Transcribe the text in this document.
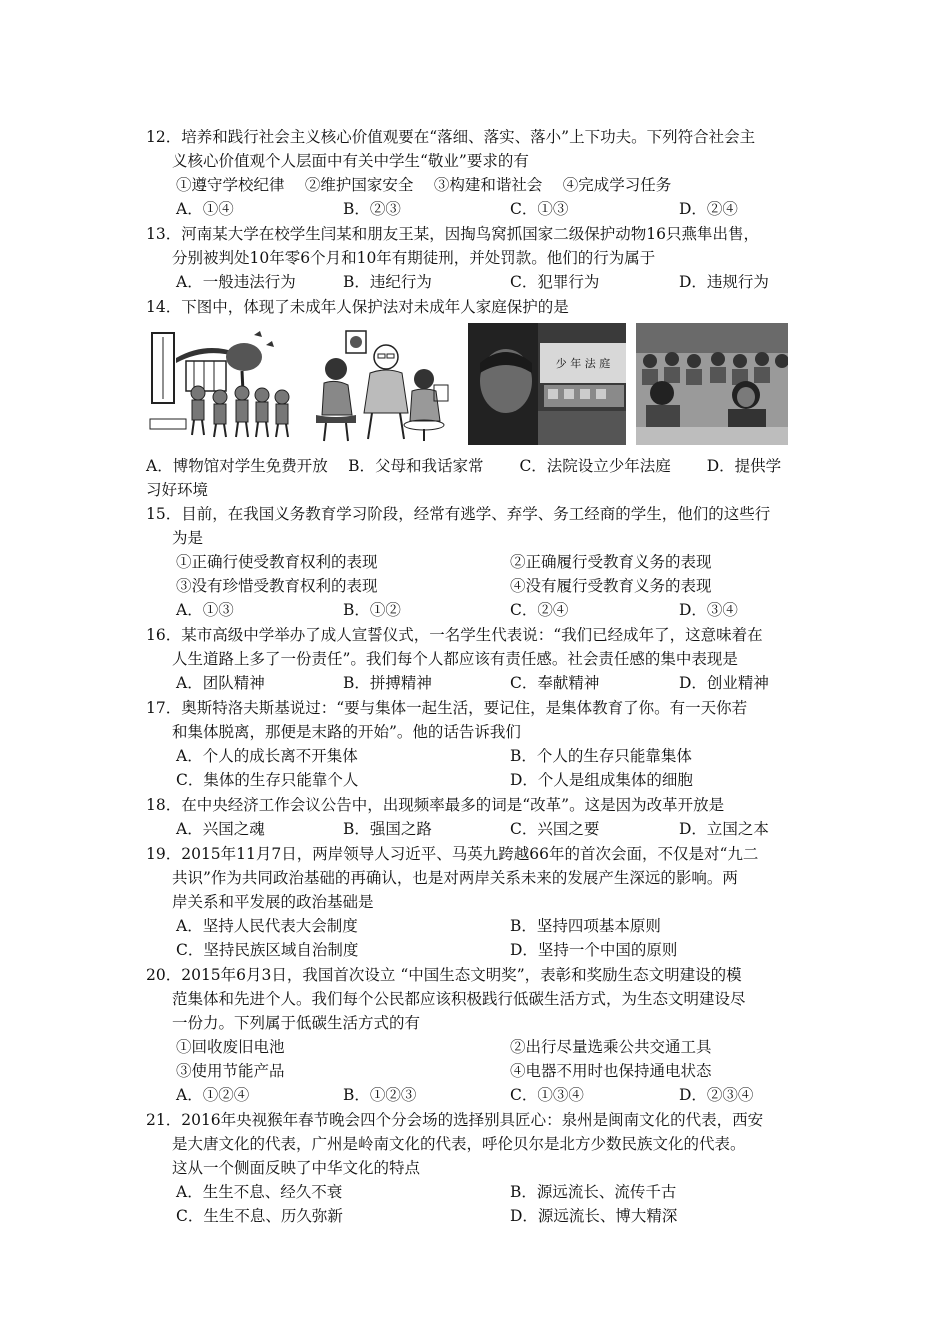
12．培养和践行社会主义核心价值观要在“落细、落实、落小”上下功夫。下列符合社会主
义核心价值观个人层面中有关中学生“敬业”要求的有
①遵守学校纪律　 ②维护国家安全　 ③构建和谐社会　 ④完成学习任务
A．①④	B．②③	C．①③	D．②④
13．河南某大学在校学生闫某和朋友王某，因掏鸟窝抓国家二级保护动物16只燕隼出售，
分别被判处10年零6个月和10年有期徒刑，并处罚款。他们的行为属于
A．一般违法行为	B．违纪行为	C．犯罪行为	D．违规行为
14．下图中，体现了未成年人保护法对未成年人家庭保护的是
少 年 法 庭
A．博物馆对学生免费开放　 B．父母和我话家常　　 C．法院设立少年法庭　　 D．提供学
习好环境
15．目前，在我国义务教育学习阶段，经常有逃学、弃学、务工经商的学生，他们的这些行
为是
①正确行使受教育权利的表现	②正确履行受教育义务的表现
③没有珍惜受教育权利的表现	④没有履行受教育义务的表现
A．①③	B．①②	C．②④	D．③④
16．某市高级中学举办了成人宣誓仪式，一名学生代表说：“我们已经成年了，这意味着在
人生道路上多了一份责任”。我们每个人都应该有责任感。社会责任感的集中表现是
A．团队精神	B．拼搏精神	C．奉献精神	D．创业精神
17．奥斯特洛夫斯基说过：“要与集体一起生活，要记住，是集体教育了你。有一天你若
和集体脱离，那便是末路的开始”。他的话告诉我们
A．个人的成长离不开集体	B．个人的生存只能靠集体
C．集体的生存只能靠个人	D．个人是组成集体的细胞
18．在中央经济工作会议公告中，出现频率最多的词是“改革”。这是因为改革开放是
A．兴国之魂	B．强国之路	C．兴国之要	D．立国之本
19．2015年11月7日，两岸领导人习近平、马英九跨越66年的首次会面，不仅是对“九二
共识”作为共同政治基础的再确认，也是对两岸关系未来的发展产生深远的影响。两
岸关系和平发展的政治基础是
A．坚持人民代表大会制度	B．坚持四项基本原则
C．坚持民族区域自治制度	D．坚持一个中国的原则
20．2015年6月3日，我国首次设立 “中国生态文明奖”，表彰和奖励生态文明建设的模
范集体和先进个人。我们每个公民都应该积极践行低碳生活方式，为生态文明建设尽
一份力。下列属于低碳生活方式的有
①回收废旧电池	②出行尽量选乘公共交通工具
③使用节能产品	④电器不用时也保持通电状态
A．①②④	B．①②③	C．①③④	D．②③④
21．2016年央视猴年春节晚会四个分会场的选择别具匠心：泉州是闽南文化的代表，西安
是大唐文化的代表，广州是岭南文化的代表，呼伦贝尔是北方少数民族文化的代表。
这从一个侧面反映了中华文化的特点
A．生生不息、经久不衰	B．源远流长、流传千古
C．生生不息、历久弥新	D．源远流长、博大精深
